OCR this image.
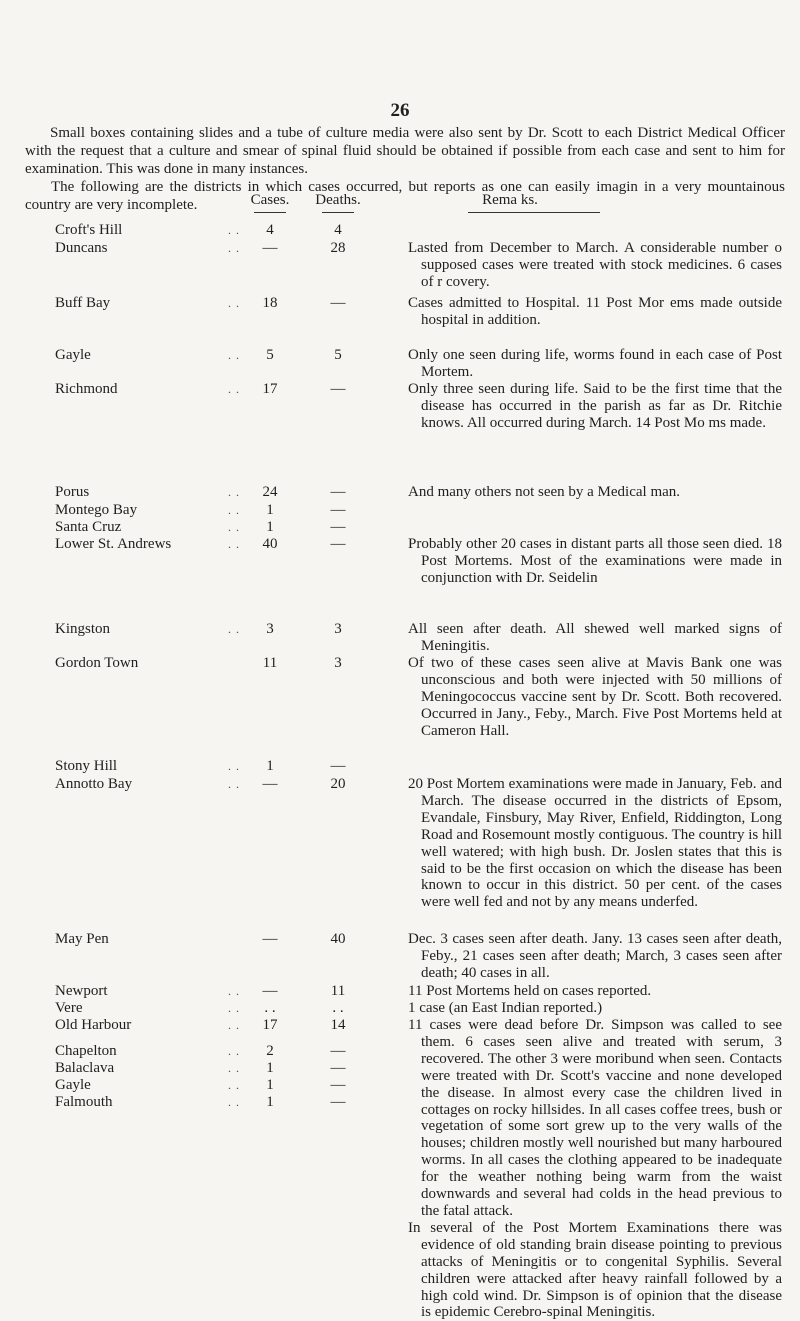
26

Small boxes containing slides and a tube of culture media were also sent by Dr. Scott to each District Medical Officer with the request that a culture and smear of spinal fluid should be obtained if possible from each case and sent to him for examination. This was done in many instances.

The following are the districts in which cases occurred, but reports as one can easily imagin in a very mountainous country are very incomplete.	Cases.	Deaths.	Rema ks.
Croft's Hill	. .	4	4
Duncans	. .	—	28	Lasted from December to March. A considerable number o supposed cases were treated with stock medicines. 6 cases of r covery.

Buff Bay	. .	18	—	Cases admitted to Hospital. 11 Post Mor ems made outside hospital in addition.

Gayle	. .	5	5	Only one seen during life, worms found in each case of Post Mortem.

Richmond	. .	17	—	Only three seen during life. Said to be the first time that the disease has occurred in the parish as far as Dr. Ritchie knows. All occurred during March. 14 Post Mo ms made.

Porus	. .	24	—	And many others not seen by a Medical man.

Montego Bay	. .	1	—
Santa Cruz	. .	1	—
Lower St. Andrews	. .	40	—	Probably other 20 cases in distant parts all those seen died. 18 Post Mortems. Most of the examinations were made in conjunction with Dr. Seidelin

Kingston	. .	3	3	All seen after death. All shewed well marked signs of Meningitis.

Gordon Town	11	3	Of two of these cases seen alive at Mavis Bank one was unconscious and both were injected with 50 millions of Meningococcus vaccine sent by Dr. Scott. Both recovered. Occurred in Jany., Feby., March. Five Post Mortems held at Cameron Hall.

Stony Hill	. .	1	—
Annotto Bay	. .	—	20	20 Post Mortem examinations were made in January, Feb. and March. The disease occurred in the districts of Epsom, Evandale, Finsbury, May River, Enfield, Riddington, Long Road and Rosemount mostly contiguous. The country is hill well watered; with high bush. Dr. Joslen states that this is said to be the first occasion on which the disease has been known to occur in this district. 50 per cent. of the cases were well fed and not by any means underfed.

May Pen	—	40	Dec. 3 cases seen after death. Jany. 13 cases seen after death, Feby., 21 cases seen after death; March, 3 cases seen after death; 40 cases in all.

Newport	. .	—	11	11 Post Mortems held on cases reported.

Vere	. .	. .	. .	1 case (an East Indian reported.)

Old Harbour	. .	17	14	11 cases were dead before Dr. Simpson was called to see them. 6 cases seen alive and treated with serum, 3 recovered. The other 3 were moribund when seen. Contacts were treated with Dr. Scott's vaccine and none developed the disease. In almost every case the children lived in cottages on rocky hillsides. In all cases coffee trees, bush or vegetation of some sort grew up to the very walls of the houses; children mostly well nourished but many harboured worms. In all cases the clothing appeared to be inadequate for the weather nothing being warm from the waist downwards and several had colds in the head previous to the fatal attack.

In several of the Post Mortem Examinations there was evidence of old standing brain disease pointing to previous attacks of Meningitis or to congenital Syphilis. Several children were attacked after heavy rainfall followed by a high cold wind. Dr. Simpson is of opinion that the disease is epidemic Cerebro-spinal Meningitis.

Chapelton	. .	2	—
Balaclava	. .	1	—
Gayle	. .	1	—
Falmouth	. .	1	—
